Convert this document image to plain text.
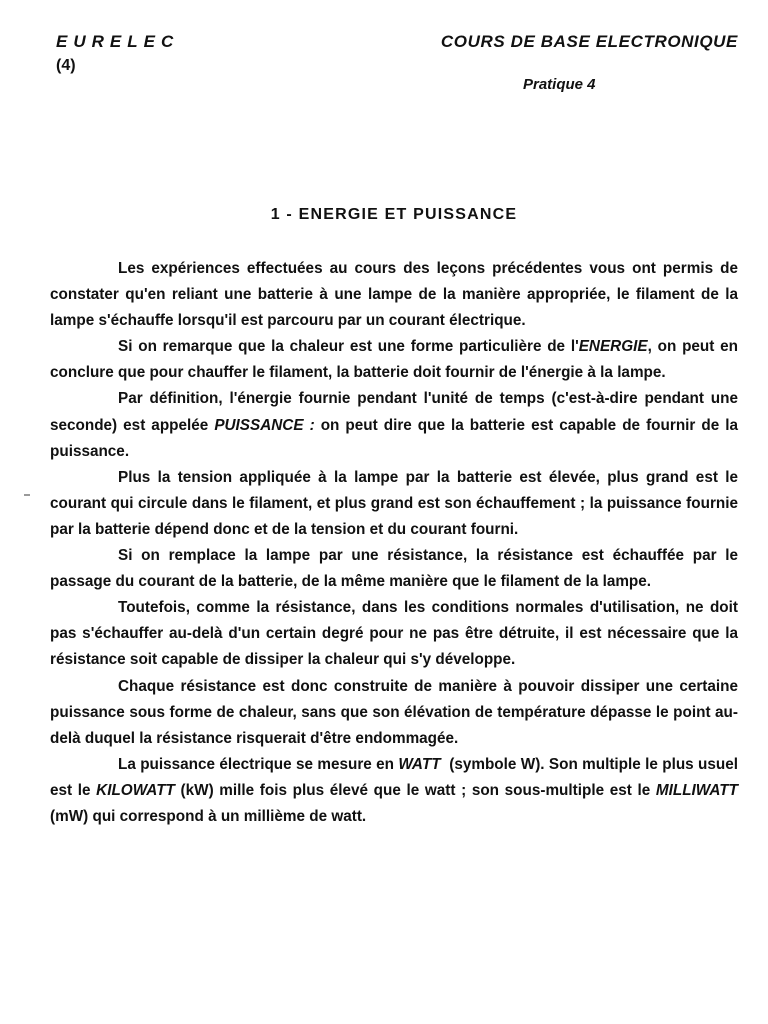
EURELEC
(4)
COURS DE BASE ELECTRONIQUE
Pratique 4
1 - ENERGIE ET PUISSANCE

Les expériences effectuées au cours des leçons précédentes vous ont permis de constater qu'en reliant une batterie à une lampe de la manière appropriée, le filament de la lampe s'échauffe lorsqu'il est parcouru par un courant électrique.

Si on remarque que la chaleur est une forme particulière de l'ENERGIE, on peut en conclure que pour chauffer le filament, la batterie doit fournir de l'énergie à la lampe.

Par définition, l'énergie fournie pendant l'unité de temps (c'est-à-dire pendant une seconde) est appelée PUISSANCE : on peut dire que la batterie est capable de fournir de la puissance.

Plus la tension appliquée à la lampe par la batterie est élevée, plus grand est le courant qui circule dans le filament, et plus grand est son échauffement ; la puissance fournie par la batterie dépend donc et de la tension et du courant fourni.

Si on remplace la lampe par une résistance, la résistance est échauffée par le passage du courant de la batterie, de la même manière que le filament de la lampe.

Toutefois, comme la résistance, dans les conditions normales d'utilisation, ne doit pas s'échauffer au-delà d'un certain degré pour ne pas être détruite, il est nécessaire que la résistance soit capable de dissiper la chaleur qui s'y développe.

Chaque résistance est donc construite de manière à pouvoir dissiper une certaine puissance sous forme de chaleur, sans que son élévation de température dépasse le point au-delà duquel la résistance risquerait d'être endommagée.

La puissance électrique se mesure en WATT  (symbole W). Son multiple le plus usuel est le KILOWATT (kW) mille fois plus élevé que le watt ; son sous-multiple est le MILLIWATT (mW) qui correspond à un millième de watt.
